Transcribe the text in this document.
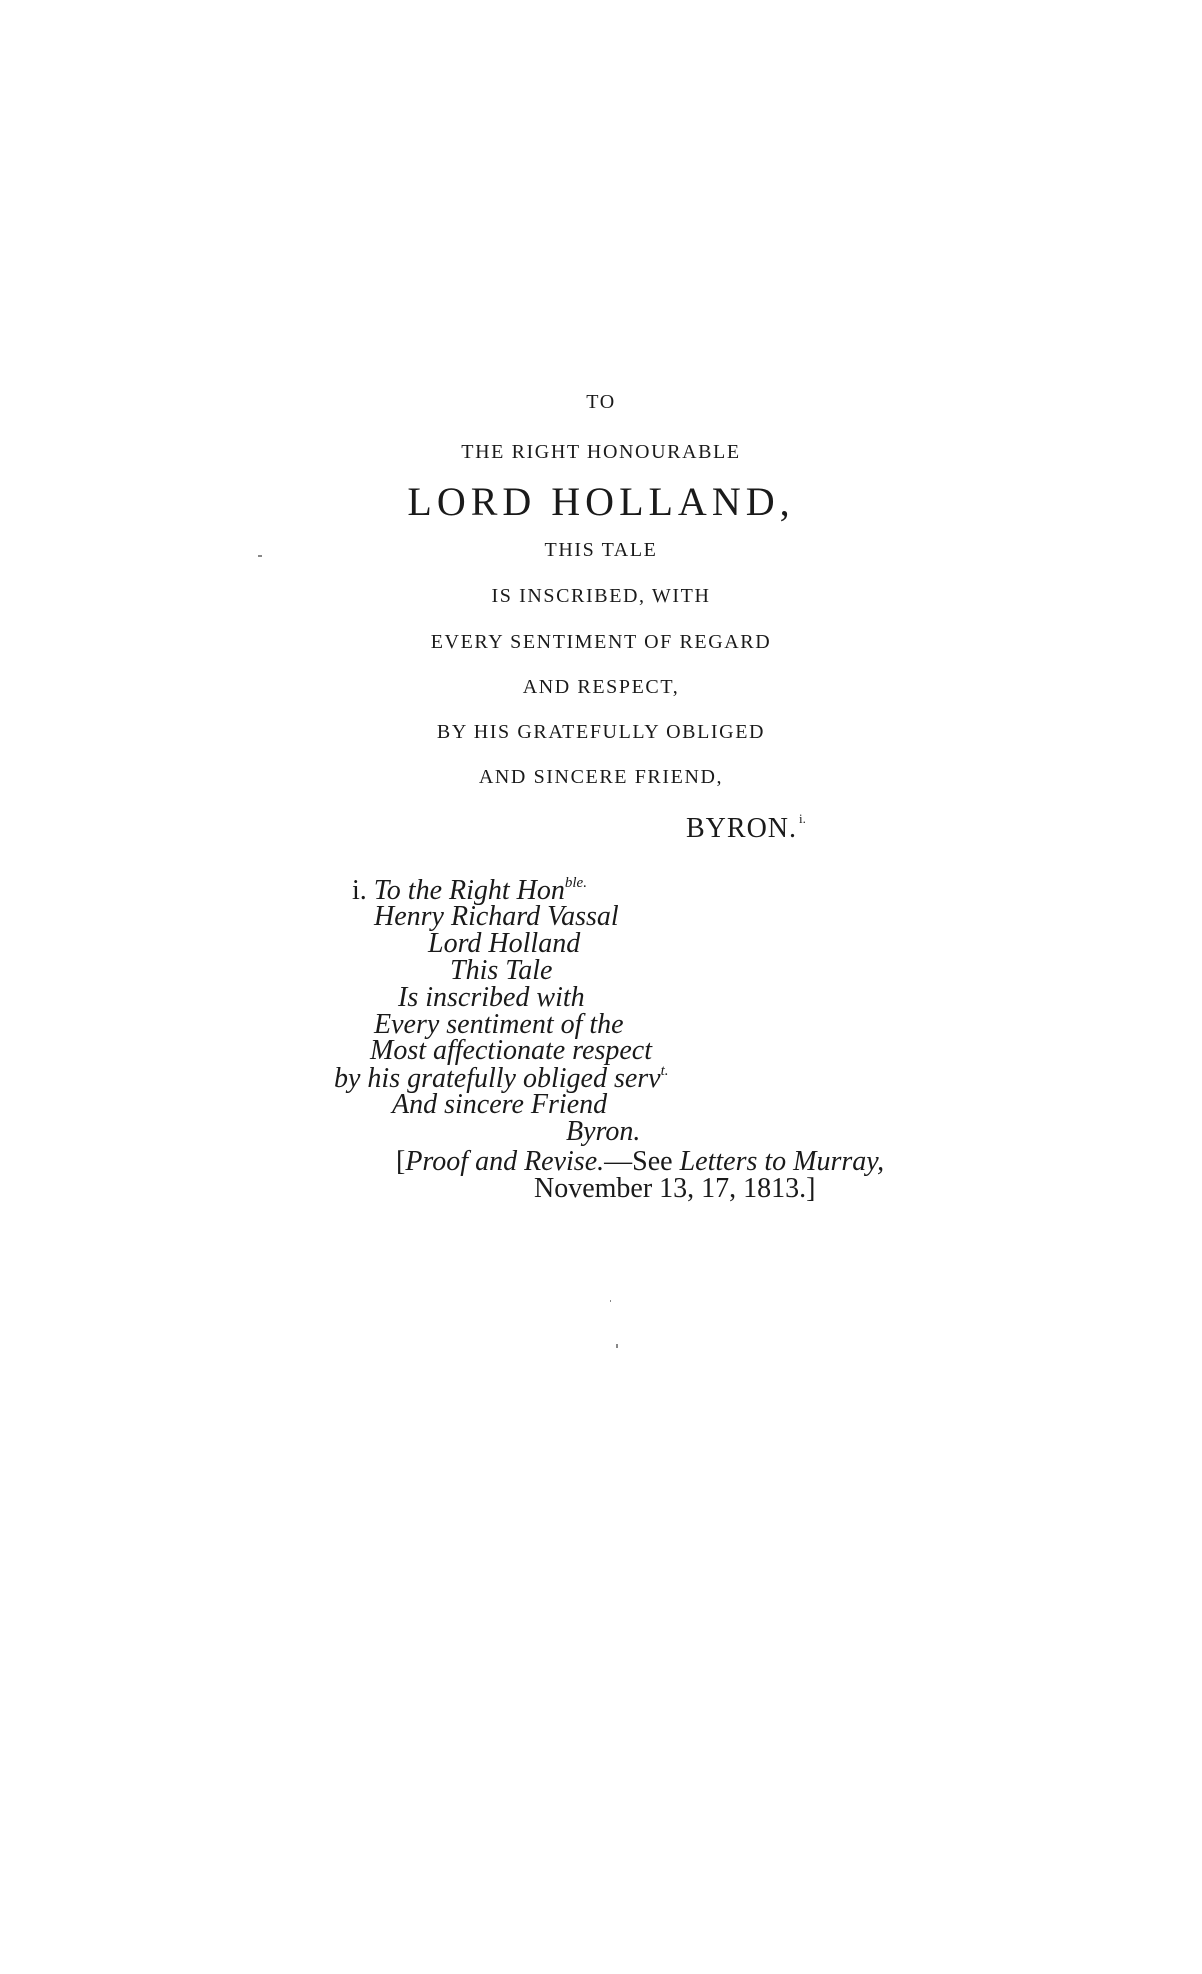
TO
THE RIGHT HONOURABLE
LORD HOLLAND,
THIS TALE
IS INSCRIBED, WITH
EVERY SENTIMENT OF REGARD
AND RESPECT,
BY HIS GRATEFULLY OBLIGED
AND SINCERE FRIEND,
BYRON. $^{i.}$
i. To the Right Hon$^{ble.}$
Henry Richard Vassal
Lord Holland
This Tale
Is inscribed with
Every sentiment of the
Most affectionate respect
by his gratefully obliged serv$^{t.}$
And sincere Friend
Byron.
[Proof and Revise.—See Letters to Murray,
November 13, 17, 1813.]
